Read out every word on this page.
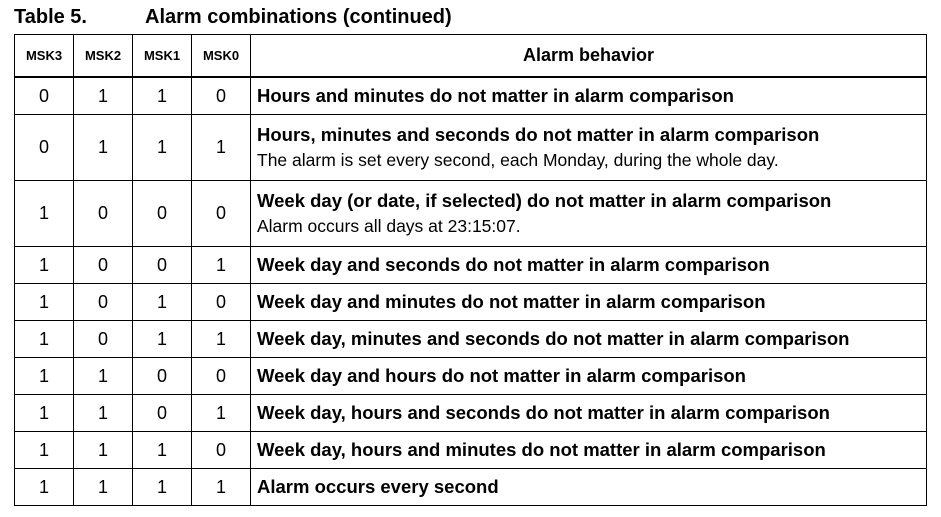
Table 5.	Alarm combinations (continued)
MSK3	MSK2	MSK1	MSK0	Alarm behavior
0	1	1	0	Hours and minutes do not matter in alarm comparison

0	1	1	1	Hours, minutes and seconds do not matter in alarm comparison
The alarm is set every second, each Monday, during the whole day.

1	0	0	0	Week day (or date, if selected) do not matter in alarm comparison
Alarm occurs all days at 23:15:07.

1	0	0	1	Week day and seconds do not matter in alarm comparison

1	0	1	0	Week day and minutes do not matter in alarm comparison

1	0	1	1	Week day, minutes and seconds do not matter in alarm comparison

1	1	0	0	Week day and hours do not matter in alarm comparison

1	1	0	1	Week day, hours and seconds do not matter in alarm comparison

1	1	1	0	Week day, hours and minutes do not matter in alarm comparison

1	1	1	1	Alarm occurs every second
